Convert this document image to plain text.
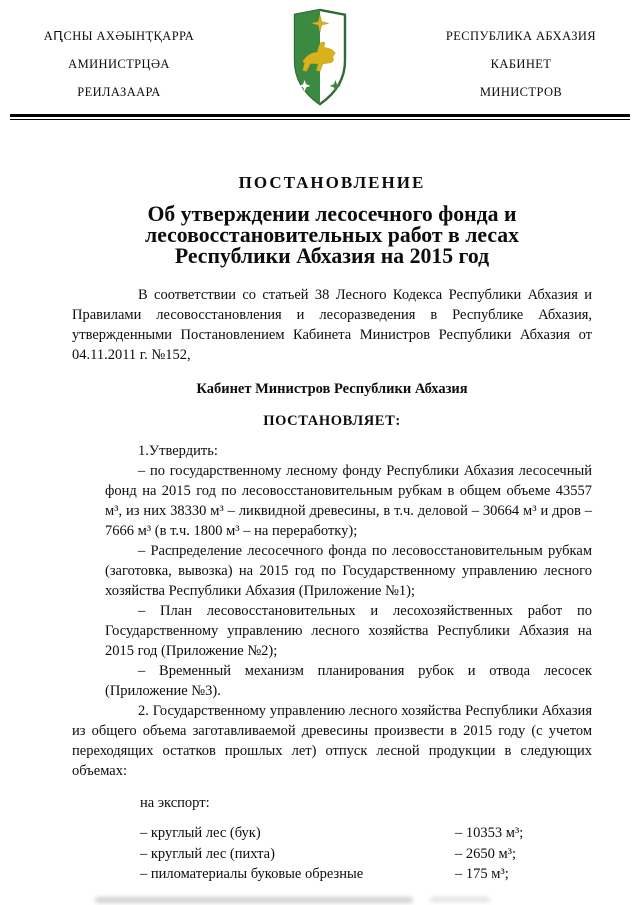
АԤСНЫ АХӘЫНҬҚАРРА
АМИНИСТРЦӘА
РЕИЛАЗААРА
РЕСПУБЛИКА АБХАЗИЯ
КАБИНЕТ
МИНИСТРОВ
ПОСТАНОВЛЕНИЕ
Об утверждении лесосечного фонда и лесовосстановительных работ в лесах Республики Абхазия на 2015 год

В соответствии со статьей 38 Лесного Кодекса Республики Абхазия и Правилами лесовосстановления и лесоразведения в Республике Абхазия, утвержденными Постановлением Кабинета Министров Республики Абхазия от 04.11.2011 г. №152,

Кабинет Министров Республики Абхазия

ПОСТАНОВЛЯЕТ:

1.Утвердить:

– по государственному лесному фонду Республики Абхазия лесосечный фонд на 2015 год по лесовосстановительным рубкам в общем объеме 43557 м³, из них 38330 м³ – ликвидной древесины, в т.ч. деловой – 30664 м³ и дров – 7666 м³ (в т.ч. 1800 м³ – на переработку);

– Распределение лесосечного фонда по лесовосстановительным рубкам (заготовка, вывозка) на 2015 год по Государственному управлению лесного хозяйства Республики Абхазия (Приложение №1);

– План лесовосстановительных и лесохозяйственных работ по Государственному управлению лесного хозяйства Республики Абхазия на 2015 год (Приложение №2);

– Временный механизм планирования рубок и отвода лесосек (Приложение №3).

2. Государственному управлению лесного хозяйства Республики Абхазия из общего объема заготавливаемой древесины произвести в 2015 году (с учетом переходящих остатков прошлых лет) отпуск лесной продукции в следующих объемах:

на экспорт:

– круглый лес (бук)	– 10353 м³;
– круглый лес (пихта)	– 2650 м³;
– пиломатериалы буковые обрезные	– 175 м³;
